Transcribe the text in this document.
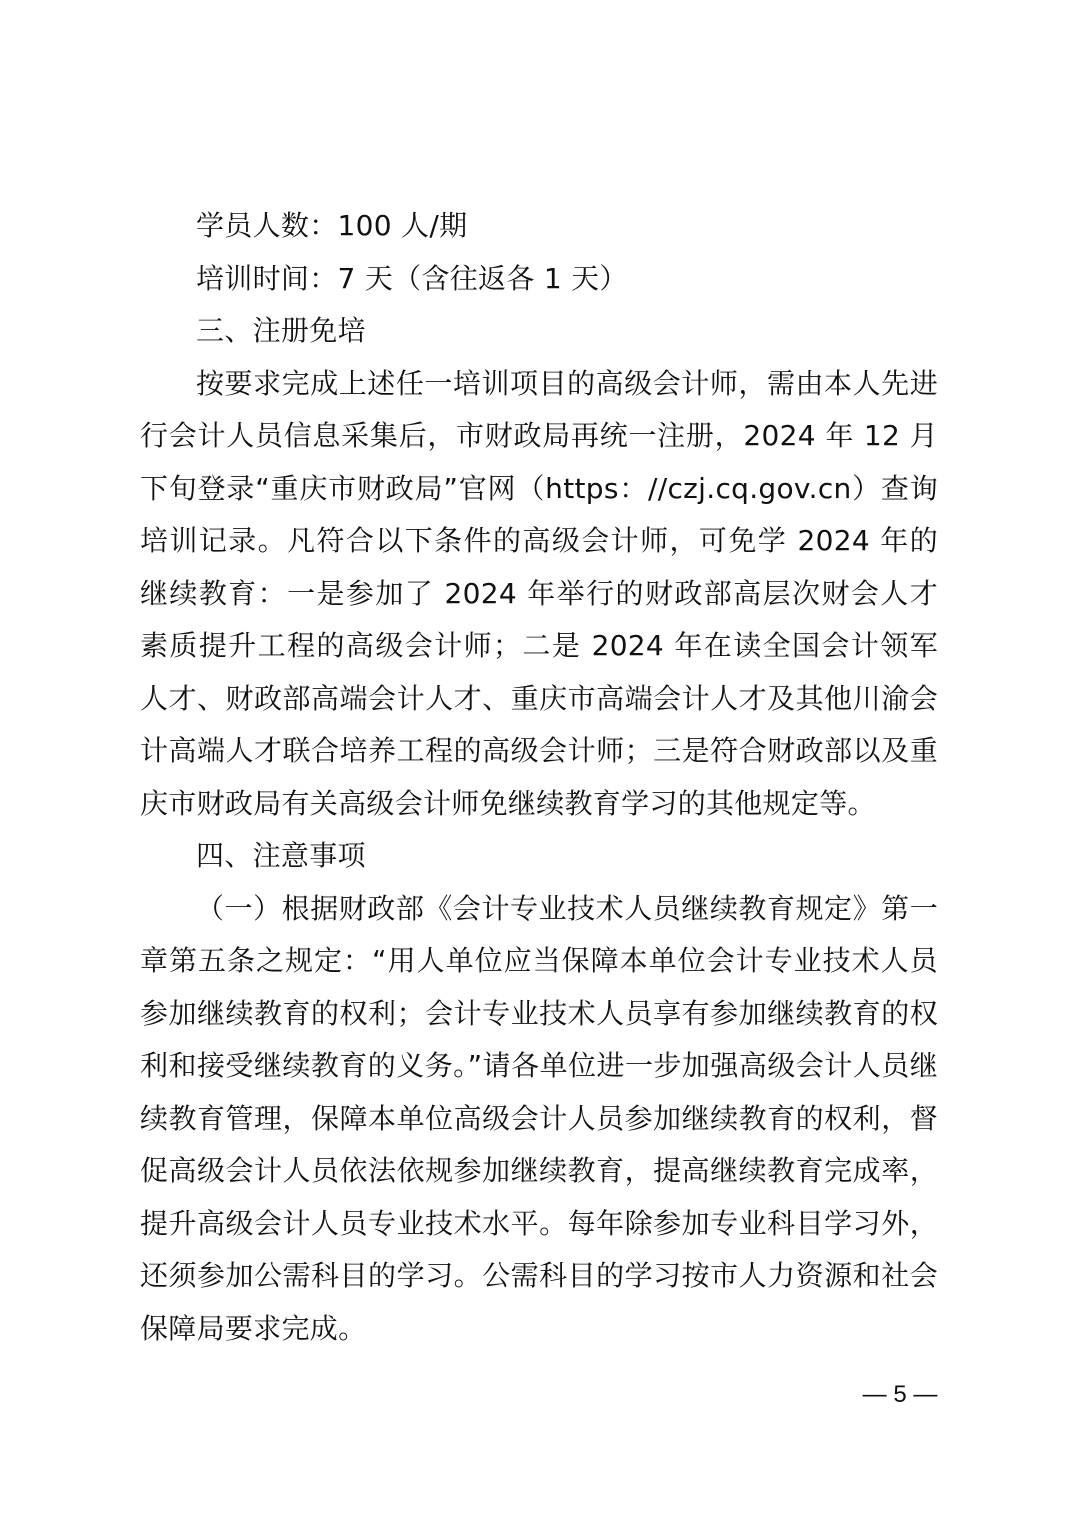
学员人数：100 人/期

培训时间：7 天（含往返各 1 天）

三、注册免培

按要求完成上述任一培训项目的高级会计师，需由本人先进行会计人员信息采集后，市财政局再统一注册，2024 年 12 月下旬登录“重庆市财政局”官网（https：//czj.cq.gov.cn）查询培训记录。凡符合以下条件的高级会计师，可免学 2024 年的继续教育：一是参加了 2024 年举行的财政部高层次财会人才素质提升工程的高级会计师；二是 2024 年在读全国会计领军人才、财政部高端会计人才、重庆市高端会计人才及其他川渝会计高端人才联合培养工程的高级会计师；三是符合财政部以及重庆市财政局有关高级会计师免继续教育学习的其他规定等。

四、注意事项

（一）根据财政部《会计专业技术人员继续教育规定》第一章第五条之规定：“用人单位应当保障本单位会计专业技术人员参加继续教育的权利；会计专业技术人员享有参加继续教育的权利和接受继续教育的义务。”请各单位进一步加强高级会计人员继续教育管理，保障本单位高级会计人员参加继续教育的权利，督促高级会计人员依法依规参加继续教育，提高继续教育完成率，提升高级会计人员专业技术水平。每年除参加专业科目学习外，还须参加公需科目的学习。公需科目的学习按市人力资源和社会保障局要求完成。

— 5 —
